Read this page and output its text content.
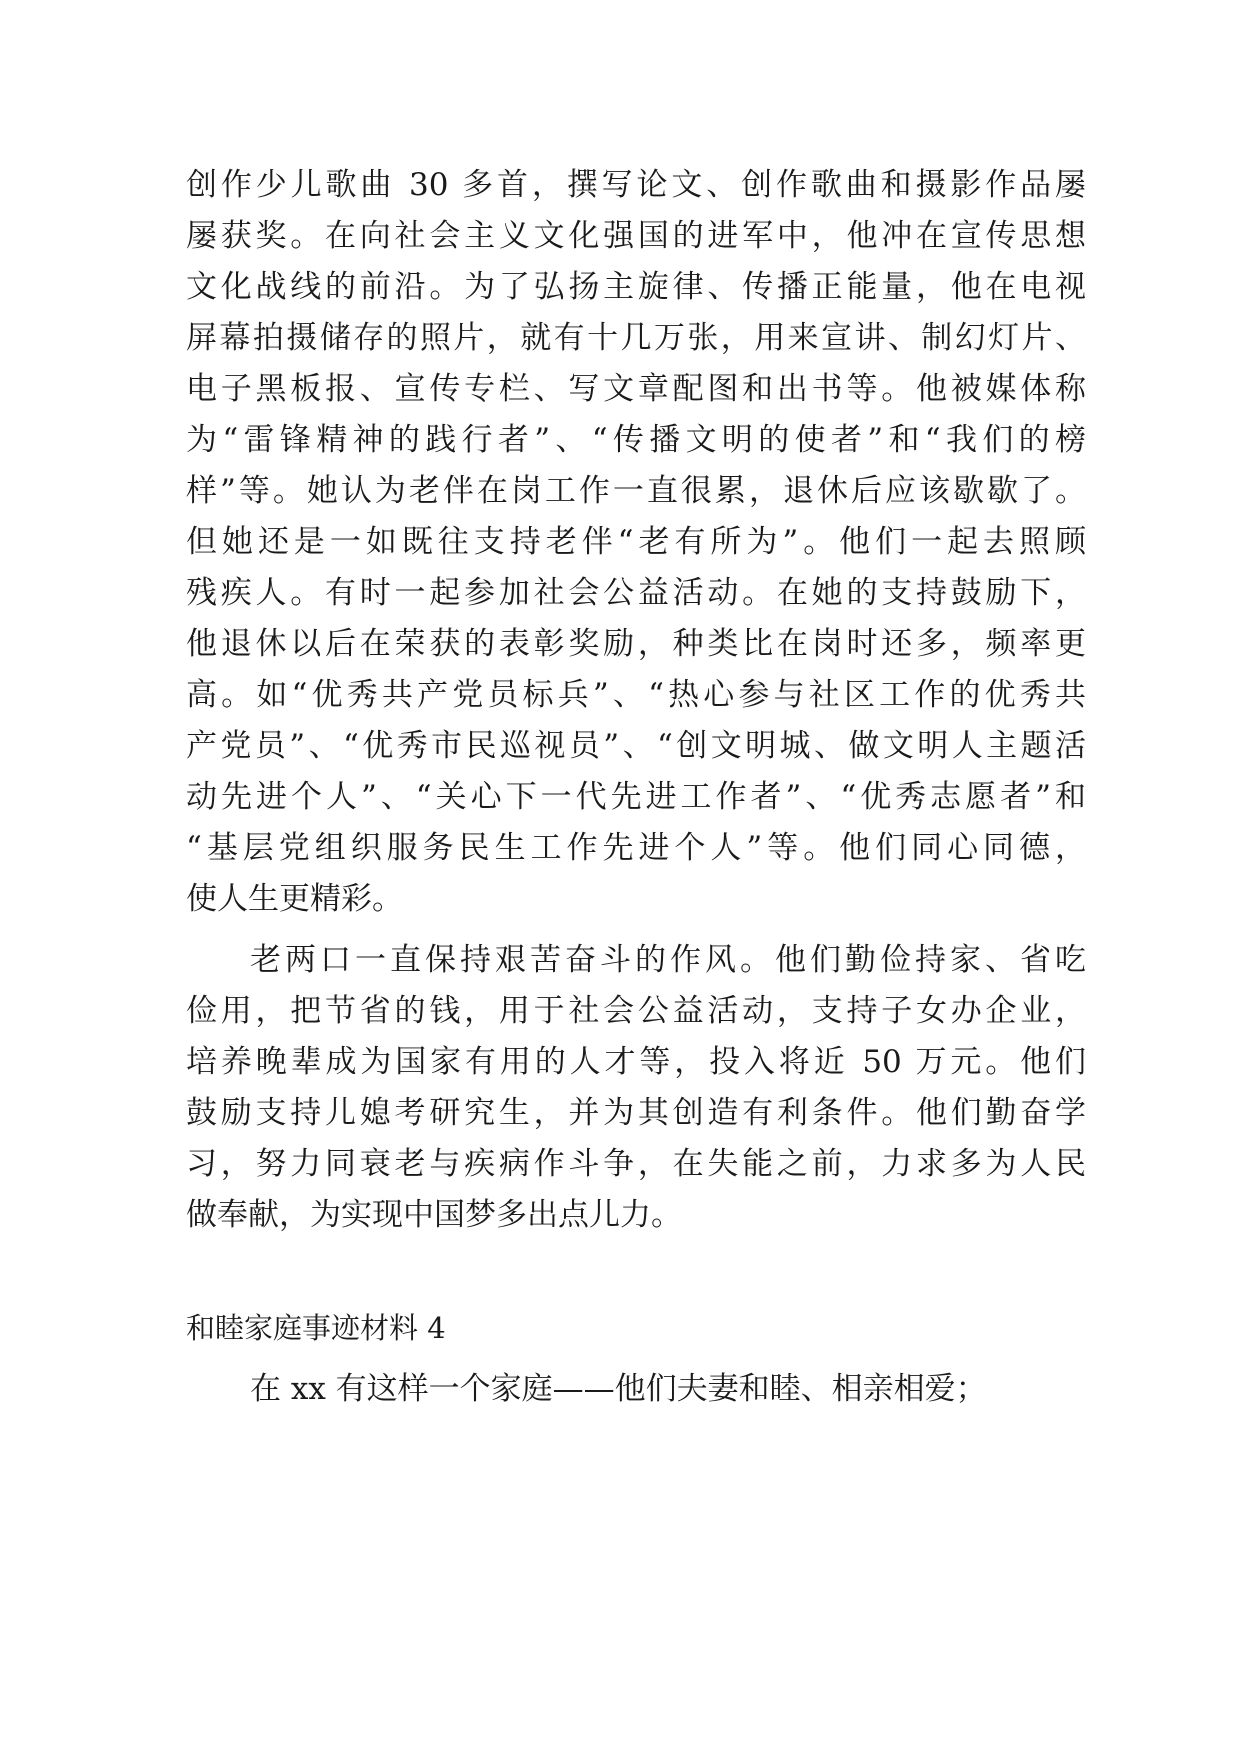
创作少儿歌曲 30 多首，撰写论文、创作歌曲和摄影作品屡
屡获奖。在向社会主义文化强国的进军中，他冲在宣传思想
文化战线的前沿。为了弘扬主旋律、传播正能量，他在电视
屏幕拍摄储存的照片，就有十几万张，用来宣讲、制幻灯片、
电子黑板报、宣传专栏、写文章配图和出书等。他被媒体称
为“雷锋精神的践行者”、“传播文明的使者”和“我们的榜
样”等。她认为老伴在岗工作一直很累，退休后应该歇歇了。
但她还是一如既往支持老伴“老有所为”。他们一起去照顾
残疾人。有时一起参加社会公益活动。在她的支持鼓励下，
他退休以后在荣获的表彰奖励，种类比在岗时还多，频率更
高。如“优秀共产党员标兵”、“热心参与社区工作的优秀共
产党员”、“优秀市民巡视员”、“创文明城、做文明人主题活
动先进个人”、“关心下一代先进工作者”、“优秀志愿者”和
“基层党组织服务民生工作先进个人”等。他们同心同德，
使人生更精彩。
老两口一直保持艰苦奋斗的作风。他们勤俭持家、省吃
俭用，把节省的钱，用于社会公益活动，支持子女办企业，
培养晚辈成为国家有用的人才等，投入将近 50 万元。他们
鼓励支持儿媳考研究生，并为其创造有利条件。他们勤奋学
习，努力同衰老与疾病作斗争，在失能之前，力求多为人民
做奉献，为实现中国梦多出点儿力。
和睦家庭事迹材料 4
在 xx 有这样一个家庭——他们夫妻和睦、相亲相爱；
